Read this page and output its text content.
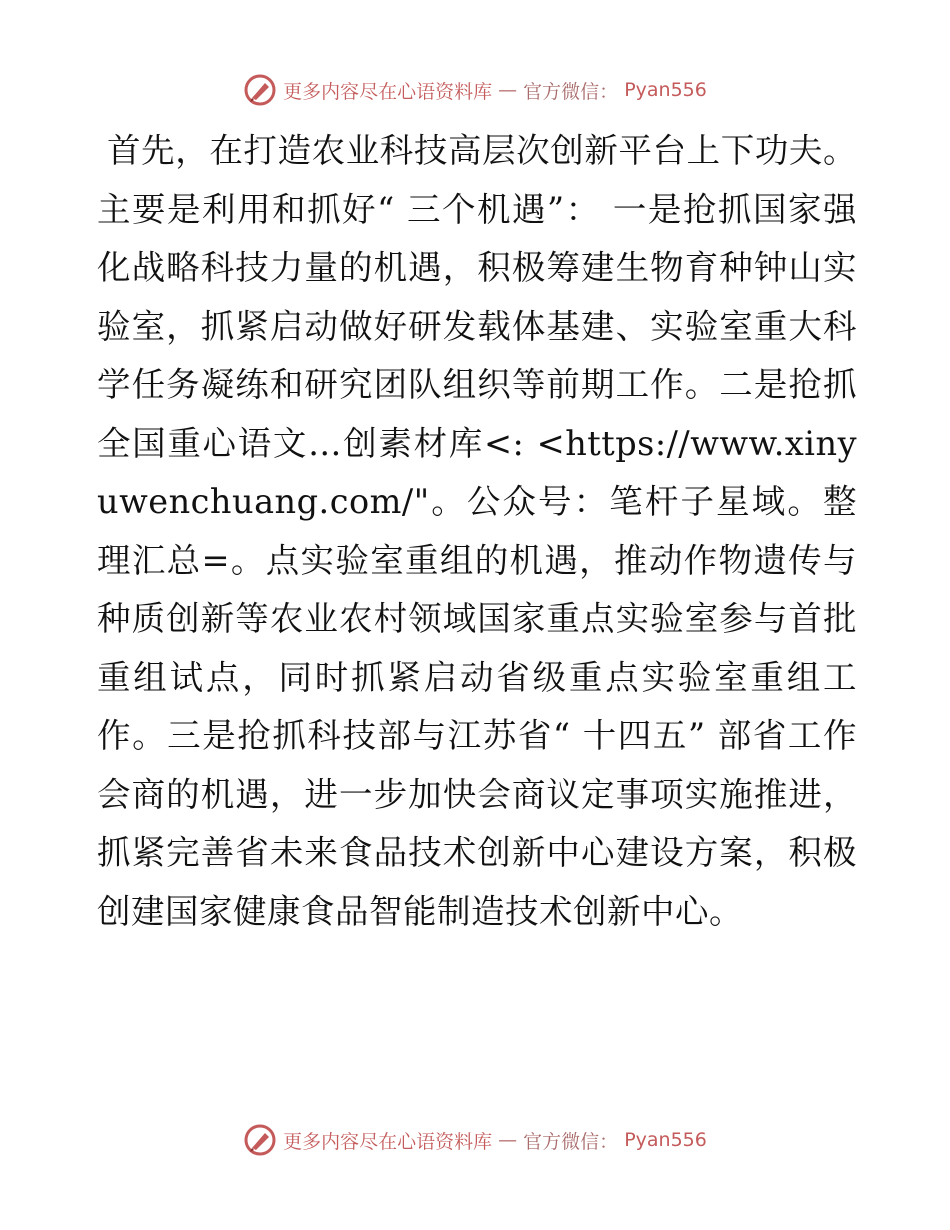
更多内容尽在心语资料库 — 官方微信： Pyan556

首先，在打造农业科技高层次创新平台上下功夫。主要是利用和抓好“ 三个机遇”： 一是抢抓国家强化战略科技力量的机遇，积极筹建生物育种钟山实验室，抓紧启动做好研发载体基建、实验室重大科学任务凝练和研究团队组织等前期工作。二是抢抓全国重心语文…创素材库<: <https://www.xinyuwenchuang.com/"。公众号：笔杆子星域。整理汇总=。点实验室重组的机遇，推动作物遗传与种质创新等农业农村领域国家重点实验室参与首批重组试点，同时抓紧启动省级重点实验室重组工作。三是抢抓科技部与江苏省“ 十四五” 部省工作会商的机遇，进一步加快会商议定事项实施推进，抓紧完善省未来食品技术创新中心建设方案，积极创建国家健康食品智能制造技术创新中心。

更多内容尽在心语资料库 — 官方微信： Pyan556
